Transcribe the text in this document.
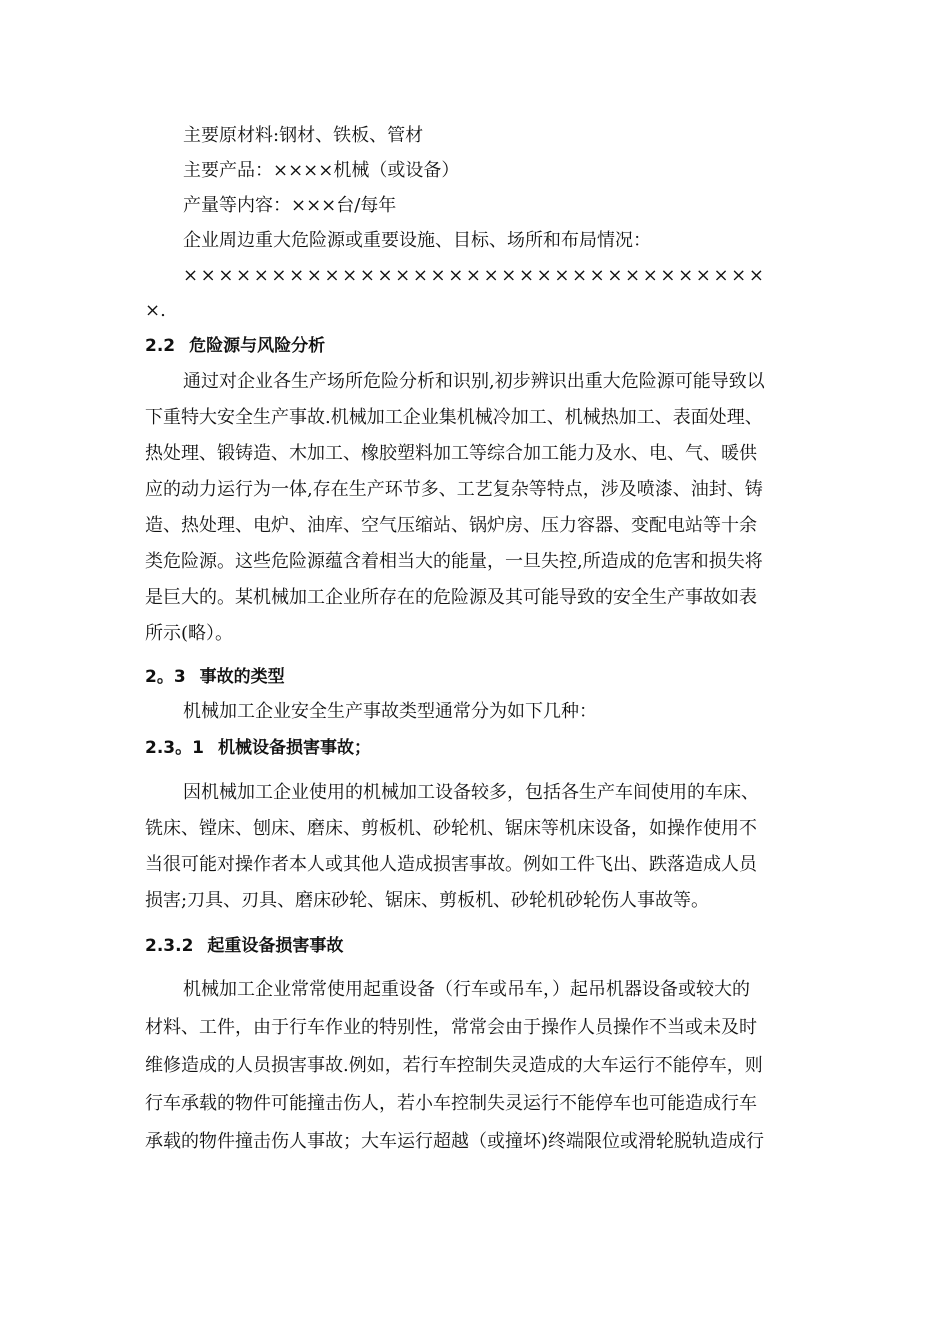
主要原材料:钢材、铁板、管材
主要产品：××××机械（或设备）
产量等内容：×××台/每年
企业周边重大危险源或重要设施、目标、场所和布局情况：
×××××××××××××××××××××××××××××××××
×.
2.2 危险源与风险分析
通过对企业各生产场所危险分析和识别,初步辨识出重大危险源可能导致以
下重特大安全生产事故.机械加工企业集机械冷加工、机械热加工、表面处理、
热处理、锻铸造、木加工、橡胶塑料加工等综合加工能力及水、电、气、暖供
应的动力运行为一体,存在生产环节多、工艺复杂等特点，涉及喷漆、油封、铸
造、热处理、电炉、油库、空气压缩站、锅炉房、压力容器、变配电站等十余
类危险源。这些危险源蕴含着相当大的能量，一旦失控,所造成的危害和损失将
是巨大的。某机械加工企业所存在的危险源及其可能导致的安全生产事故如表
所示(略）。
2。3 事故的类型
机械加工企业安全生产事故类型通常分为如下几种：
2.3。1 机械设备损害事故；
因机械加工企业使用的机械加工设备较多，包括各生产车间使用的车床、
铣床、镗床、刨床、磨床、剪板机、砂轮机、锯床等机床设备，如操作使用不
当很可能对操作者本人或其他人造成损害事故。例如工件飞出、跌落造成人员
损害;刀具、刃具、磨床砂轮、锯床、剪板机、砂轮机砂轮伤人事故等。
2.3.2 起重设备损害事故
机械加工企业常常使用起重设备（行车或吊车，）起吊机器设备或较大的
材料、工件，由于行车作业的特别性，常常会由于操作人员操作不当或未及时
维修造成的人员损害事故.例如，若行车控制失灵造成的大车运行不能停车，则
行车承载的物件可能撞击伤人，若小车控制失灵运行不能停车也可能造成行车
承载的物件撞击伤人事故；大车运行超越（或撞坏)终端限位或滑轮脱轨造成行
